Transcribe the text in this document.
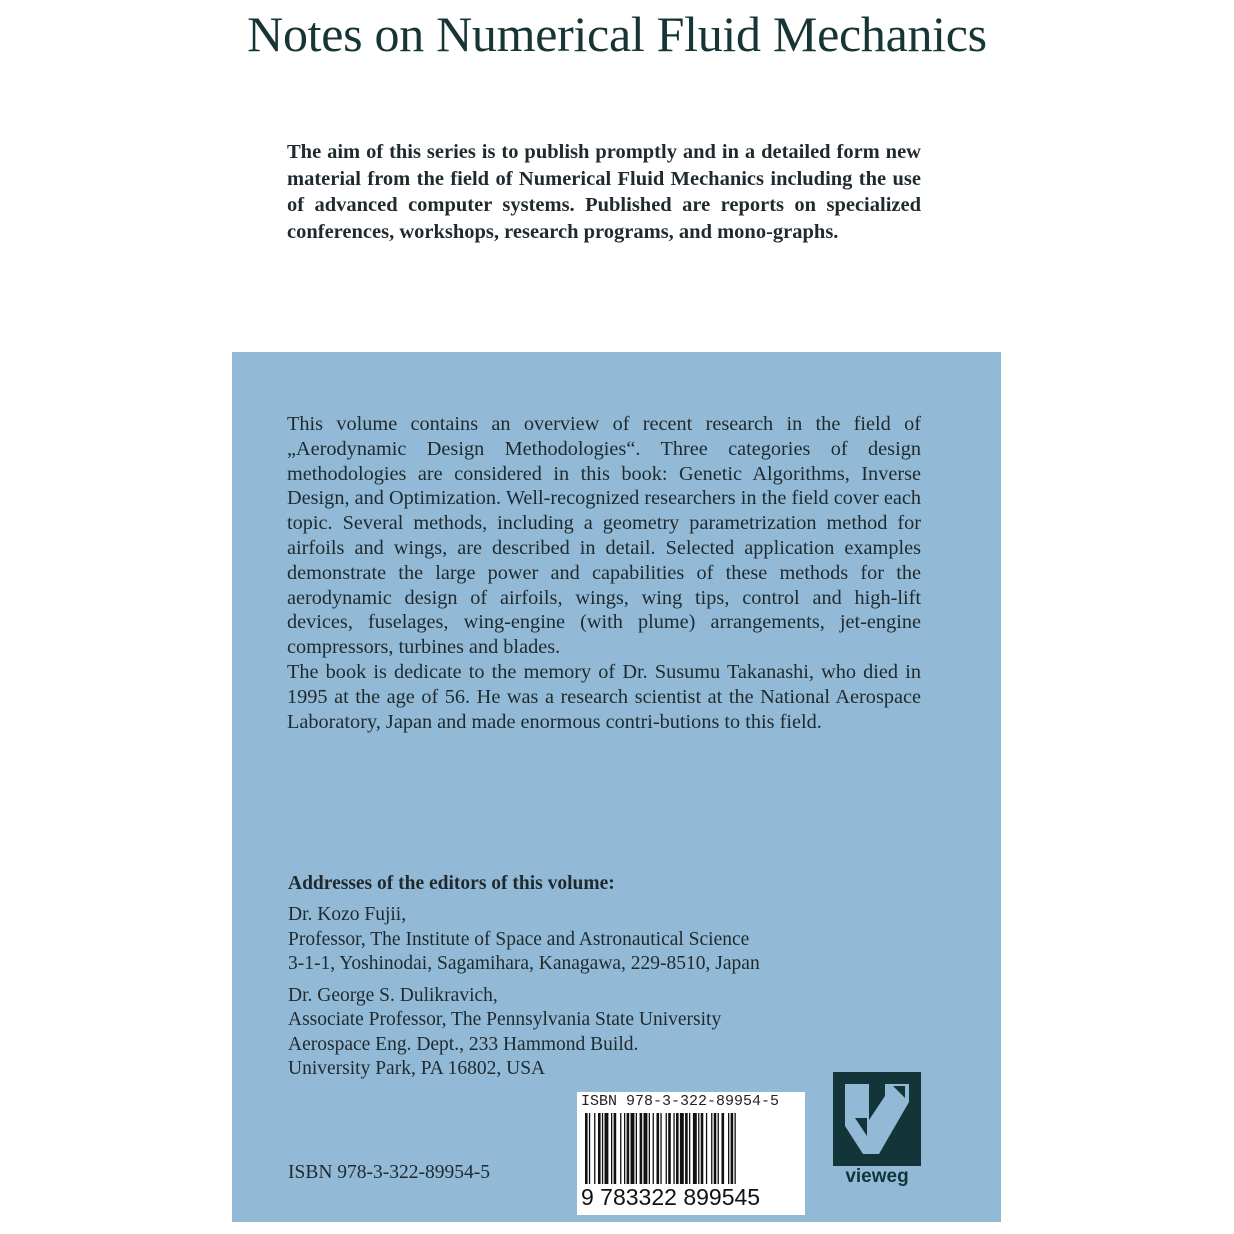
Notes on Numerical Fluid Mechanics

The aim of this series is to publish promptly and in a detailed form new material from the field of Numerical Fluid Mechanics including the use of advanced computer systems. Published are reports on specialized conferences, workshops, research programs, and mono-graphs.

This volume contains an overview of recent research in the field of „Aerodynamic Design Methodologies“. Three categories of design methodologies are considered in this book: Genetic Algorithms, Inverse Design, and Optimization. Well-recognized researchers in the field cover each topic. Several methods, including a geometry parametrization method for airfoils and wings, are described in detail. Selected application examples demonstrate the large power and capabilities of these methods for the aerodynamic design of airfoils, wings, wing tips, control and high-lift devices, fuselages, wing-engine (with plume) arrangements, jet-engine compressors, turbines and blades.

The book is dedicate to the memory of Dr. Susumu Takanashi, who died in 1995 at the age of 56. He was a research scientist at the National Aerospace Laboratory, Japan and made enormous contri-butions to this field.

Addresses of the editors of this volume:
Dr. Kozo Fujii,
Professor, The Institute of Space and Astronautical Science
3-1-1, Yoshinodai, Sagamihara, Kanagawa, 229-8510, Japan
Dr. George S. Dulikravich,
Associate Professor, The Pennsylvania State University
Aerospace Eng. Dept., 233 Hammond Build.
University Park, PA 16802, USA
ISBN 978-3-322-89954-5
ISBN 978-3-322-89954-5
9 783322 899545
vieweg
